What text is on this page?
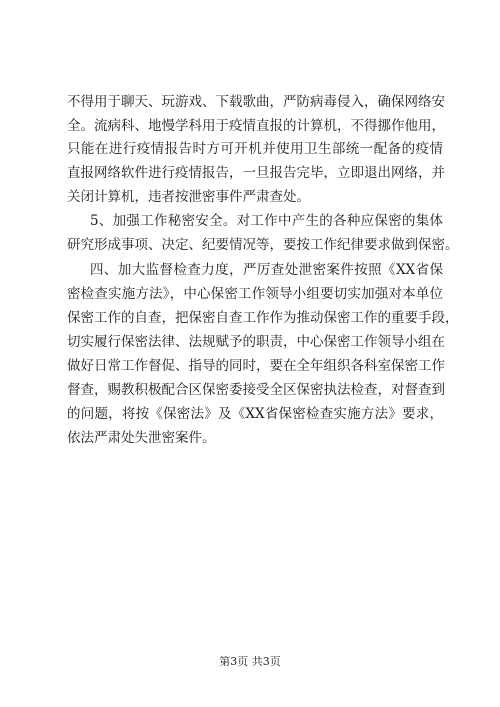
不得用于聊天、玩游戏、下载歌曲，严防病毒侵入，确保网络安
全。流病科、地慢学科用于疫情直报的计算机，不得挪作他用，
只能在进行疫情报告时方可开机并使用卫生部统一配备的疫情
直报网络软件进行疫情报告，一旦报告完毕，立即退出网络，并
关闭计算机，违者按泄密事件严肃查处。
5、加强工作秘密安全。对工作中产生的各种应保密的集体
研究形成事项、决定、纪要情况等，要按工作纪律要求做到保密。
四、加大监督检查力度，严厉查处泄密案件按照《XX省保
密检查实施方法》，中心保密工作领导小组要切实加强对本单位
保密工作的自查，把保密自查工作作为推动保密工作的重要手段，
切实履行保密法律、法规赋予的职责，中心保密工作领导小组在
做好日常工作督促、指导的同时，要在全年组织各科室保密工作
督查，赐教积极配合区保密委接受全区保密执法检查，对督查到
的问题，将按《保密法》及《XX省保密检查实施方法》要求，
依法严肃处失泄密案件。
第3页 共3页
